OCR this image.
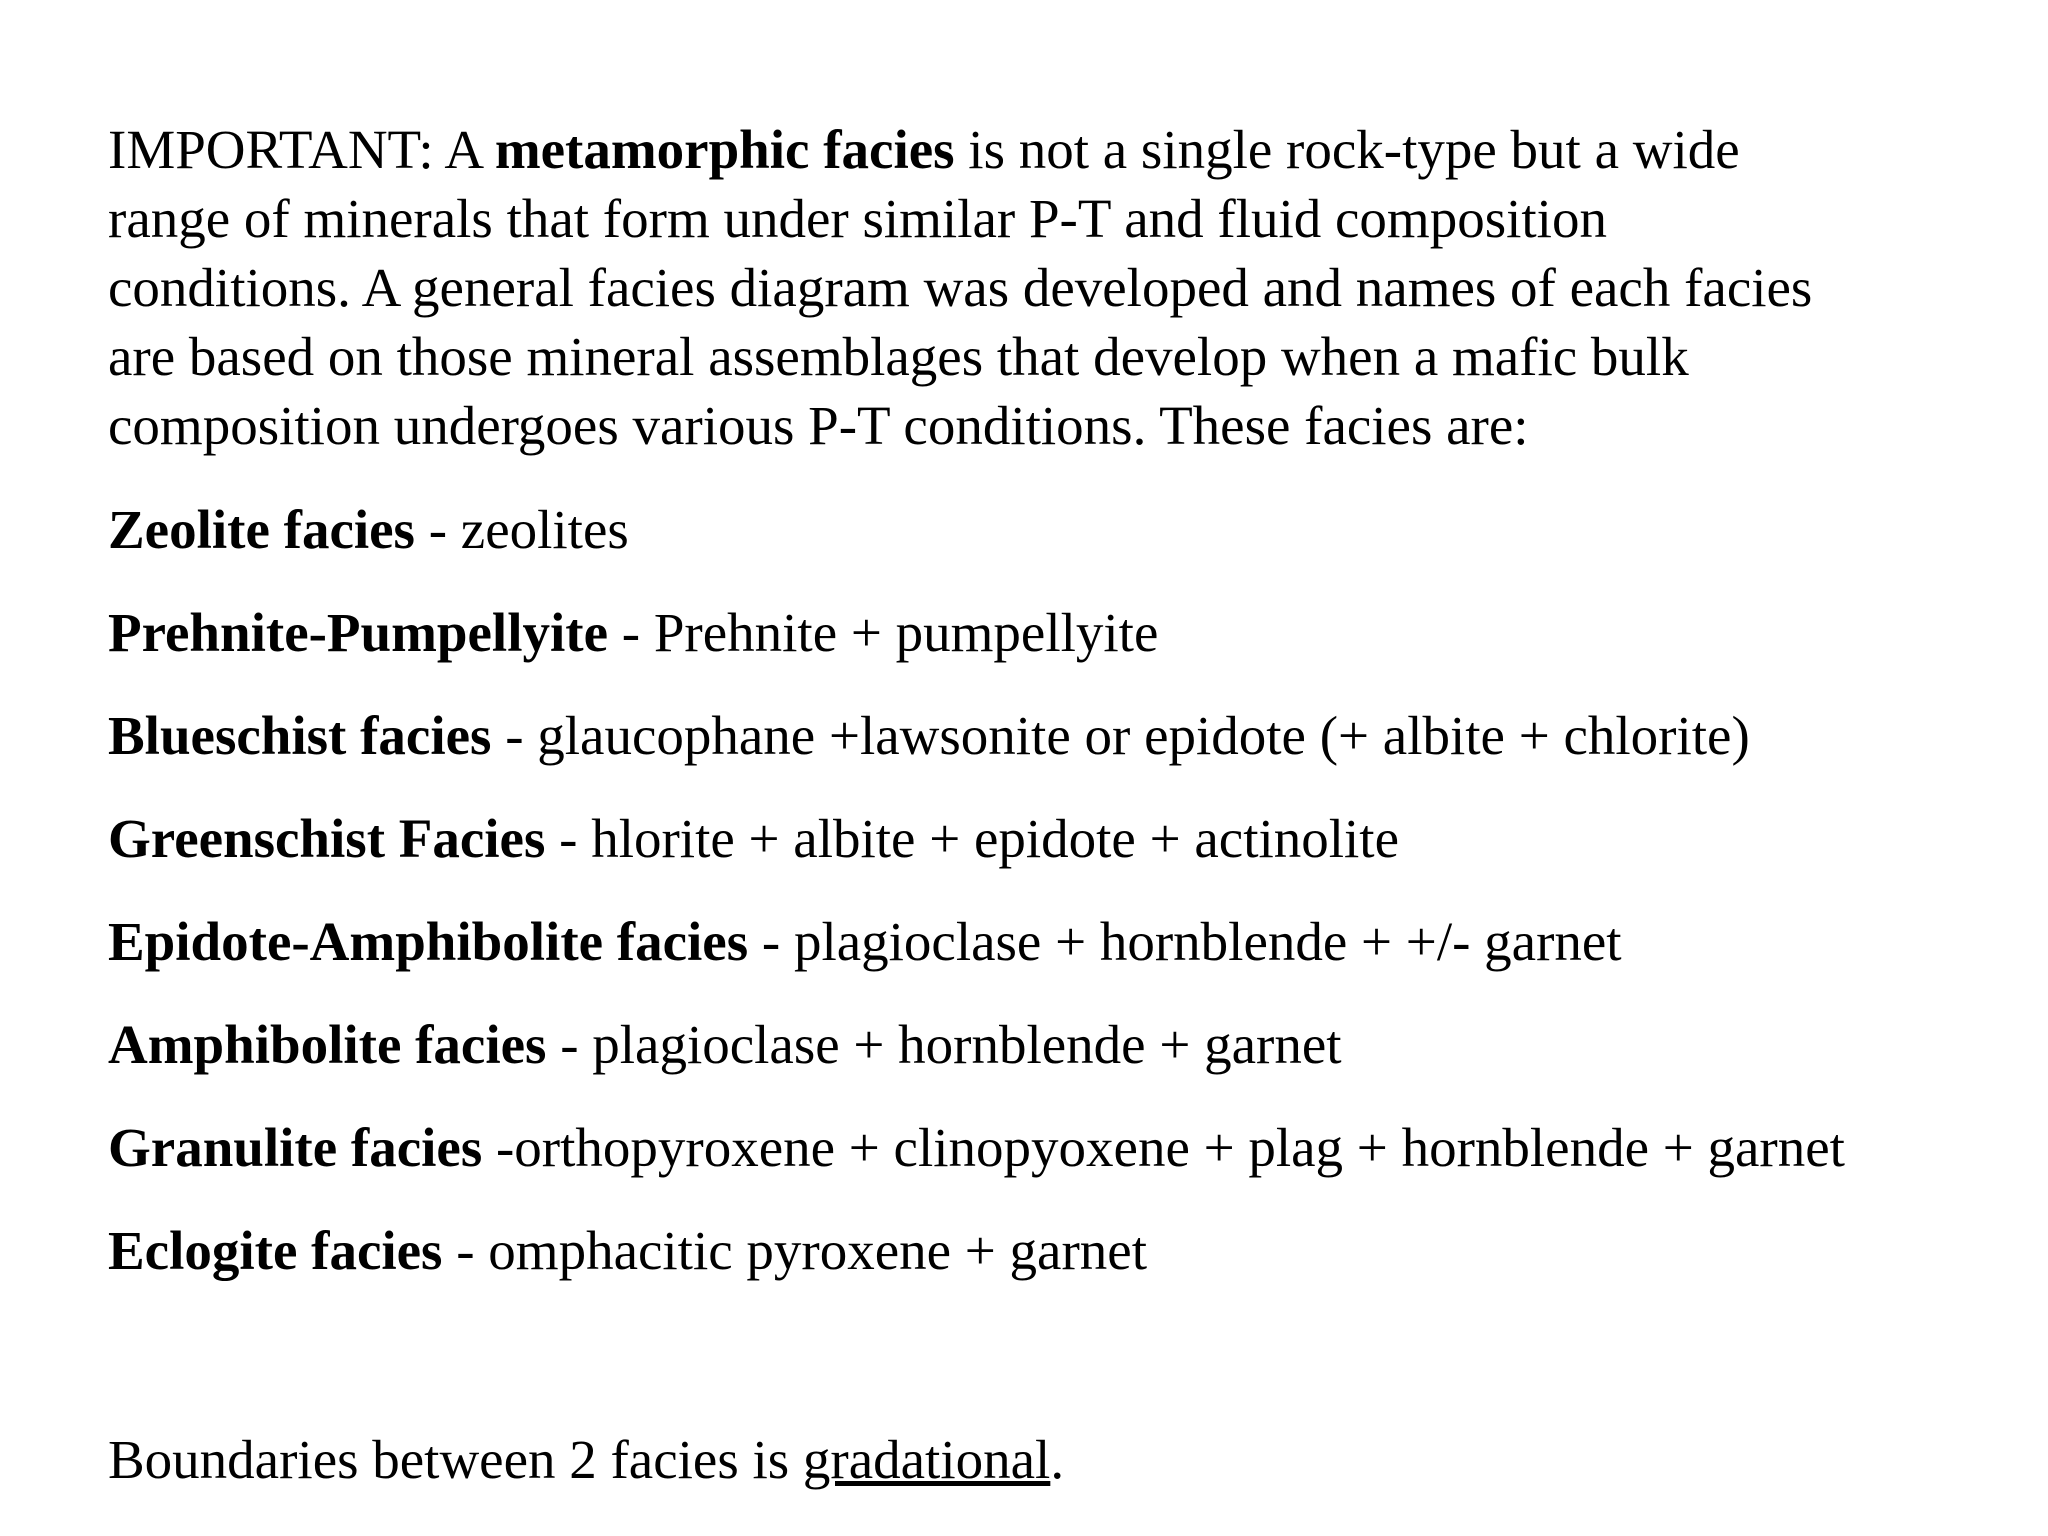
IMPORTANT: A metamorphic facies is not a single rock-type but a wide
range of minerals that form under similar P-T and fluid composition
conditions. A general facies diagram was developed and names of each facies
are based on those mineral assemblages that develop when a mafic bulk
composition undergoes various P-T conditions. These facies are:

Zeolite facies - zeolites
Prehnite-Pumpellyite - Prehnite + pumpellyite
Blueschist facies - glaucophane +lawsonite or epidote (+ albite + chlorite)
Greenschist Facies - hlorite + albite + epidote + actinolite
Epidote-Amphibolite facies - plagioclase + hornblende + +/- garnet
Amphibolite facies - plagioclase + hornblende + garnet
Granulite facies -orthopyroxene + clinopyoxene + plag + hornblende + garnet
Eclogite facies - omphacitic pyroxene + garnet

Boundaries between 2 facies is gradational.
